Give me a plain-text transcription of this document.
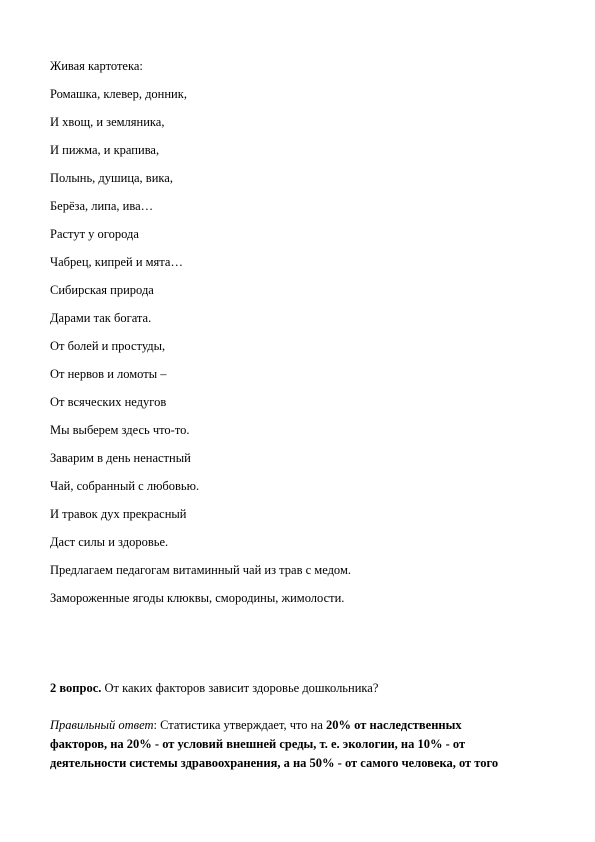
Живая картотека:
Ромашка, клевер, донник,
И хвощ, и земляника,
И пижма, и крапива,
Полынь, душица, вика,
Берёза, липа, ива…
Растут у огорода
Чабрец, кипрей и мята…
Сибирская природа
Дарами так богата.
От болей и простуды,
От нервов и ломоты –
От всяческих недугов
Мы выберем здесь что-то.
Заварим в день ненастный
Чай, собранный с любовью.
И травок дух прекрасный
Даст силы и здоровье.
Предлагаем педагогам витаминный чай из трав с медом.
Замороженные ягоды клюквы, смородины, жимолости.
2 вопрос. От каких факторов зависит здоровье дошкольника?
Правильный ответ: Статистика утверждает, что на 20% от наследственных
факторов, на 20% - от условий внешней среды, т. е. экологии, на 10% - от
деятельности системы здравоохранения, а на 50% - от самого человека, от того
